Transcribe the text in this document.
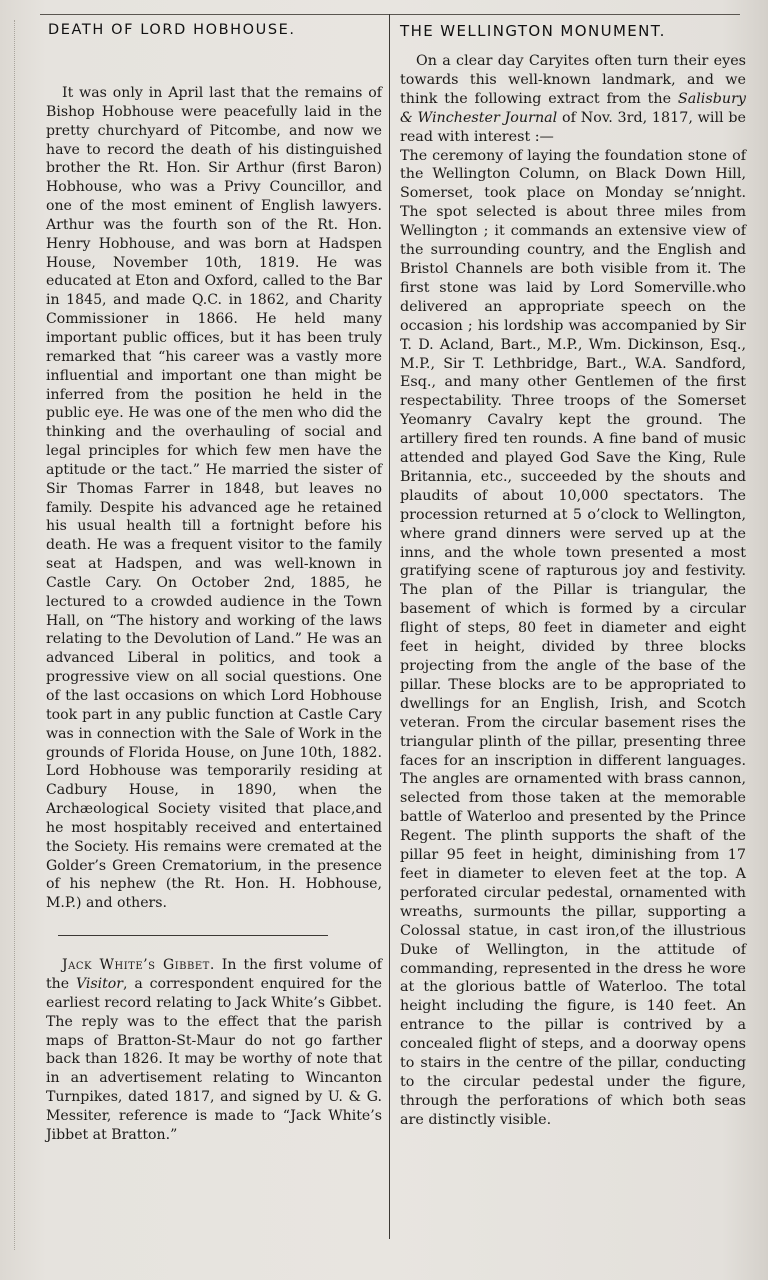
DEATH OF LORD HOBHOUSE.

It was only in April last that the remains of Bishop Hobhouse were peacefully laid in the pretty churchyard of Pitcombe, and now we have to record the death of his distinguished brother the Rt. Hon. Sir Arthur (first Baron) Hobhouse, who was a Privy Councillor, and one of the most eminent of English lawyers. Arthur was the fourth son of the Rt. Hon. Henry Hobhouse, and was born at Hadspen House, November 10th, 1819. He was educated at Eton and Oxford, called to the Bar in 1845, and made Q.C. in 1862, and Charity Commissioner in 1866. He held many important public offices, but it has been truly remarked that “his career was a vastly more influential and important one than might be inferred from the position he held in the public eye. He was one of the men who did the thinking and the overhauling of social and legal principles for which few men have the aptitude or the tact.” He married the sister of Sir Thomas Farrer in 1848, but leaves no family. Despite his advanced age he retained his usual health till a fortnight before his death. He was a frequent visitor to the family seat at Hadspen, and was well-known in Castle Cary. On October 2nd, 1885, he lectured to a crowded audience in the Town Hall, on “The history and working of the laws relating to the Devolution of Land.” He was an advanced Liberal in politics, and took a progressive view on all social questions. One of the last occasions on which Lord Hobhouse took part in any public function at Castle Cary was in connection with the Sale of Work in the grounds of Florida House, on June 10th, 1882. Lord Hobhouse was temporarily residing at Cadbury House, in 1890, when the Archæological Society visited that place,and he most hospitably received and entertained the Society. His remains were cremated at the Golder’s Green Crematorium, in the presence of his nephew (the Rt. Hon. H. Hobhouse, M.P.) and others.

Jack White’s Gibbet. In the first volume of the Visitor, a correspondent enquired for the earliest record relating to Jack White’s Gibbet. The reply was to the effect that the parish maps of Bratton-St-Maur do not go farther back than 1826. It may be worthy of note that in an advertisement relating to Wincanton Turnpikes, dated 1817, and signed by U. & G. Messiter, reference is made to “Jack White’s Jibbet at Bratton.”

THE WELLINGTON MONUMENT.

On a clear day Caryites often turn their eyes towards this well-known landmark, and we think the following extract from the Salisbury & Winchester Journal of Nov. 3rd, 1817, will be read with interest :—

The ceremony of laying the foundation stone of the Wellington Column, on Black Down Hill, Somerset, took place on Monday se’nnight. The spot selected is about three miles from Wellington ; it commands an extensive view of the surrounding country, and the English and Bristol Channels are both visible from it. The first stone was laid by Lord Somerville.who delivered an appropriate speech on the occasion ; his lordship was accompanied by Sir T. D. Acland, Bart., M.P., Wm. Dickinson, Esq., M.P., Sir T. Lethbridge, Bart., W.A. Sandford, Esq., and many other Gentlemen of the first respectability. Three troops of the Somerset Yeomanry Cavalry kept the ground. The artillery fired ten rounds. A fine band of music attended and played God Save the King, Rule Britannia, etc., succeeded by the shouts and plaudits of about 10,000 spectators. The procession returned at 5 o’clock to Wellington, where grand dinners were served up at the inns, and the whole town presented a most gratifying scene of rapturous joy and festivity. The plan of the Pillar is triangular, the basement of which is formed by a circular flight of steps, 80 feet in diameter and eight feet in height, divided by three blocks projecting from the angle of the base of the pillar. These blocks are to be appropriated to dwellings for an English, Irish, and Scotch veteran. From the circular basement rises the triangular plinth of the pillar, presenting three faces for an inscription in different languages. The angles are ornamented with brass cannon, selected from those taken at the memorable battle of Waterloo and presented by the Prince Regent. The plinth supports the shaft of the pillar 95 feet in height, diminishing from 17 feet in diameter to eleven feet at the top. A perforated circular pedestal, ornamented with wreaths, surmounts the pillar, supporting a Colossal statue, in cast iron,of the illustrious Duke of Wellington, in the attitude of commanding, represented in the dress he wore at the glorious battle of Waterloo. The total height including the figure, is 140 feet. An entrance to the pillar is contrived by a concealed flight of steps, and a doorway opens to stairs in the centre of the pillar, conducting to the circular pedestal under the figure, through the perforations of which both seas are distinctly visible.
